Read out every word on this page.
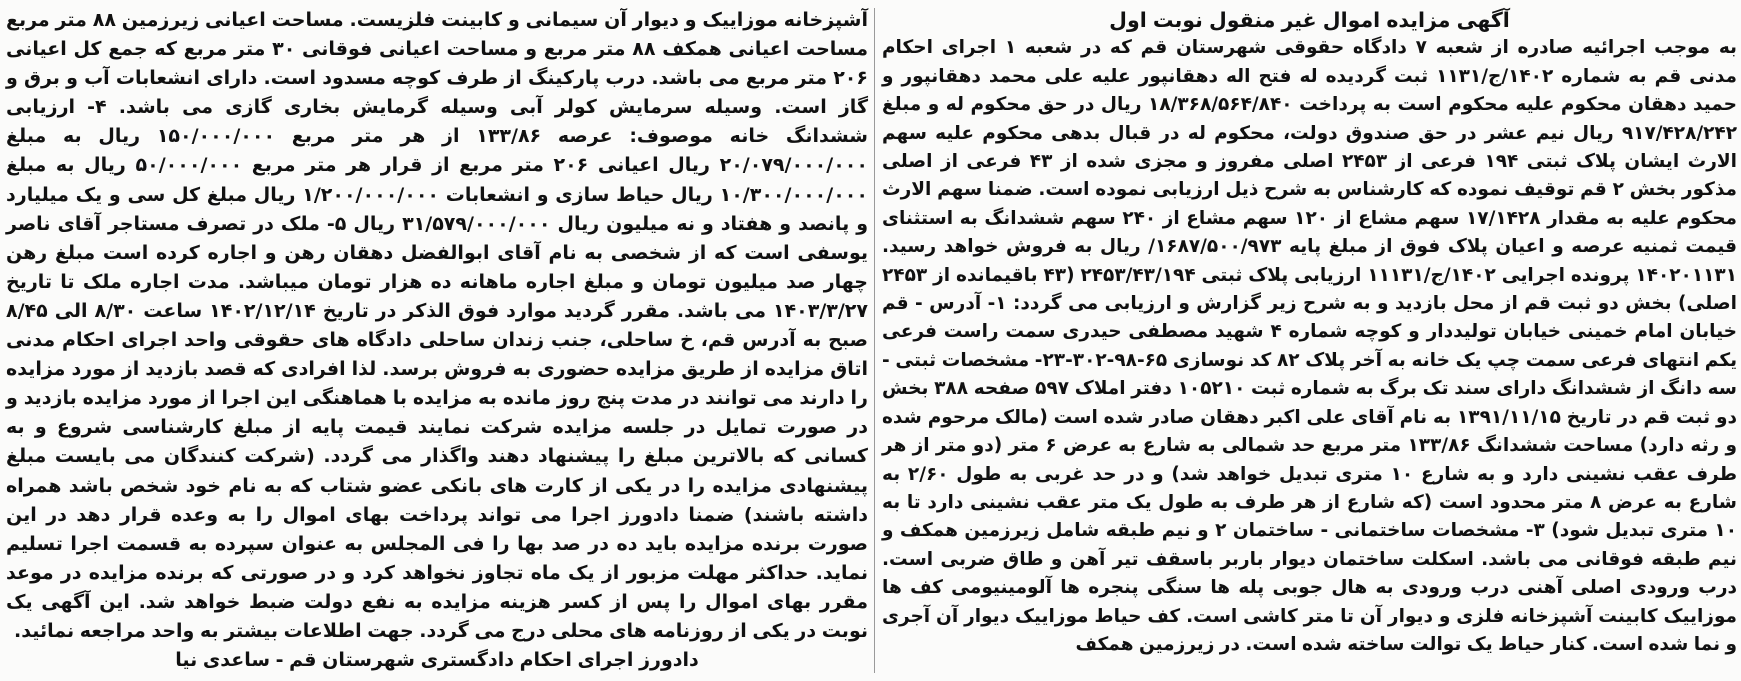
آگهی مزایده اموال غیر منقول نوبت اول

به موجب اجرائیه صادره از شعبه ۷ دادگاه حقوقی شهرستان قم که در شعبه ۱ اجرای احکام مدنی قم به شماره ۱۴۰۲/ج/۱۱۳۱ ثبت گردیده له فتح اله دهقانپور علیه علی محمد دهقانپور و حمید دهقان محکوم علیه محکوم است به پرداخت ۱۸/۳۶۸/۵۶۴/۸۴۰ ریال در حق محکوم له و مبلغ ۹۱۷/۴۲۸/۲۴۲ ریال نیم عشر در حق صندوق دولت، محکوم له در قبال بدهی محکوم علیه سهم الارث ایشان پلاک ثبتی ۱۹۴ فرعی از ۲۴۵۳ اصلی مفروز و مجزی شده از ۴۳ فرعی از اصلی مذکور بخش ۲ قم توقیف نموده که کارشناس به شرح ذیل ارزیابی نموده است. ضمنا سهم الارث محکوم علیه به مقدار ۱۷/۱۴۲۸ سهم مشاع از ۱۲۰ سهم مشاع از ۲۴۰ سهم ششدانگ به استثنای قیمت ثمنیه عرصه و اعیان پلاک فوق از مبلغ پایه ۱۶۸۷/۵۰۰/۹۷۳/ ریال به فروش خواهد رسید. ۱۴۰۲۰۱۱۳۱ پرونده اجرایی ۱۴۰۲/ج/۱۱۱۳۱ ارزیابی پلاک ثبتی ۲۴۵۳/۴۳/۱۹۴ (۴۳ باقیمانده از ۲۴۵۳ اصلی) بخش دو ثبت قم از محل بازدید و به شرح زیر گزارش و ارزیابی می گردد: ۱- آدرس - قم خیابان امام خمینی خیابان تولیددار و کوچه شماره ۴ شهید مصطفی حیدری سمت راست فرعی یکم انتهای فرعی سمت چپ یک خانه به آخر پلاک ۸۲ کد نوسازی ۶۵-۹۸-۳۰۲-۲۳- مشخصات ثبتی - سه دانگ از ششدانگ دارای سند تک برگ به شماره ثبت ۱۰۵۲۱۰ دفتر املاک ۵۹۷ صفحه ۳۸۸ بخش دو ثبت قم در تاریخ ۱۳۹۱/۱۱/۱۵ به نام آقای علی اکبر دهقان صادر شده است (مالک مرحوم شده و رثه دارد) مساحت ششدانگ ۱۳۳/۸۶ متر مربع حد شمالی به شارع به عرض ۶ متر (دو متر از هر طرف عقب نشینی دارد و به شارع ۱۰ متری تبدیل خواهد شد) و در حد غربی به طول ۲/۶۰ به شارع به عرض ۸ متر محدود است (که شارع از هر طرف به طول یک متر عقب نشینی دارد تا به ۱۰ متری تبدیل شود) ۳- مشخصات ساختمانی - ساختمان ۲ و نیم طبقه شامل زیرزمین همکف و نیم طبقه فوقانی می باشد. اسکلت ساختمان دیوار باربر باسقف تیر آهن و طاق ضربی است. درب ورودی اصلی آهنی درب ورودی به هال جوبی پله ها سنگی پنجره ها آلومینیومی کف ها موزاییک کابینت آشپزخانه فلزی و دیوار آن تا متر کاشی است. کف حیاط موزاییک دیوار آن آجری و نما شده است. کنار حیاط یک توالت ساخته شده است. در زیرزمین همکف

آشپزخانه موزاییک و دیوار آن سیمانی و کابینت فلزیست. مساحت اعیانی زیرزمین ۸۸ متر مربع مساحت اعیانی همکف ۸۸ متر مربع و مساحت اعیانی فوقانی ۳۰ متر مربع که جمع کل اعیانی ۲۰۶ متر مربع می باشد. درب پارکینگ از طرف کوچه مسدود است. دارای انشعابات آب و برق و گاز است. وسیله سرمایش کولر آبی وسیله گرمایش بخاری گازی می باشد. ۴- ارزیابی ششدانگ خانه موصوف: عرصه ۱۳۳/۸۶ از هر متر مربع ۱۵۰/۰۰۰/۰۰۰ ریال به مبلغ ۲۰/۰۷۹/۰۰۰/۰۰۰ ریال اعیانی ۲۰۶ متر مربع از قرار هر متر مربع ۵۰/۰۰۰/۰۰۰ ریال به مبلغ ۱۰/۳۰۰/۰۰۰/۰۰۰ ریال حیاط سازی و انشعابات ۱/۲۰۰/۰۰۰/۰۰۰ ریال مبلغ کل سی و یک میلیارد و پانصد و هفتاد و نه میلیون ریال ۳۱/۵۷۹/۰۰۰/۰۰۰ ریال ۵- ملک در تصرف مستاجر آقای ناصر یوسفی است که از شخصی به نام آقای ابوالفضل دهقان رهن و اجاره کرده است مبلغ رهن چهار صد میلیون تومان و مبلغ اجاره ماهانه ده هزار تومان میباشد. مدت اجاره ملک تا تاریخ ۱۴۰۳/۳/۲۷ می باشد. مقرر گردید موارد فوق الذکر در تاریخ ۱۴۰۲/۱۲/۱۴ ساعت ۸/۳۰ الی ۸/۴۵ صبح به آدرس قم، خ ساحلی، جنب زندان ساحلی دادگاه های حقوقی واحد اجرای احکام مدنی اتاق مزایده از طریق مزایده حضوری به فروش برسد. لذا افرادی که قصد بازدید از مورد مزایده را دارند می توانند در مدت پنج روز مانده به مزایده با هماهنگی این اجرا از مورد مزایده بازدید و در صورت تمایل در جلسه مزایده شرکت نمایند قیمت پایه از مبلغ کارشناسی شروع و به کسانی که بالاترین مبلغ را پیشنهاد دهند واگذار می گردد. (شرکت کنندگان می بایست مبلغ پیشنهادی مزایده را در یکی از کارت های بانکی عضو شتاب که به نام خود شخص باشد همراه داشته باشند) ضمنا دادورز اجرا می تواند پرداخت بهای اموال را به وعده قرار دهد در این صورت برنده مزایده باید ده در صد بها را فی المجلس به عنوان سپرده به قسمت اجرا تسلیم نماید. حداکثر مهلت مزبور از یک ماه تجاوز نخواهد کرد و در صورتی که برنده مزایده در موعد مقرر بهای اموال را پس از کسر هزینه مزایده به نفع دولت ضبط خواهد شد. این آگهی یک نوبت در یکی از روزنامه های محلی درج می گردد. جهت اطلاعات بیشتر به واحد مراجعه نمائید.

دادورز اجرای احکام دادگستری شهرستان قم - ساعدی نیا
